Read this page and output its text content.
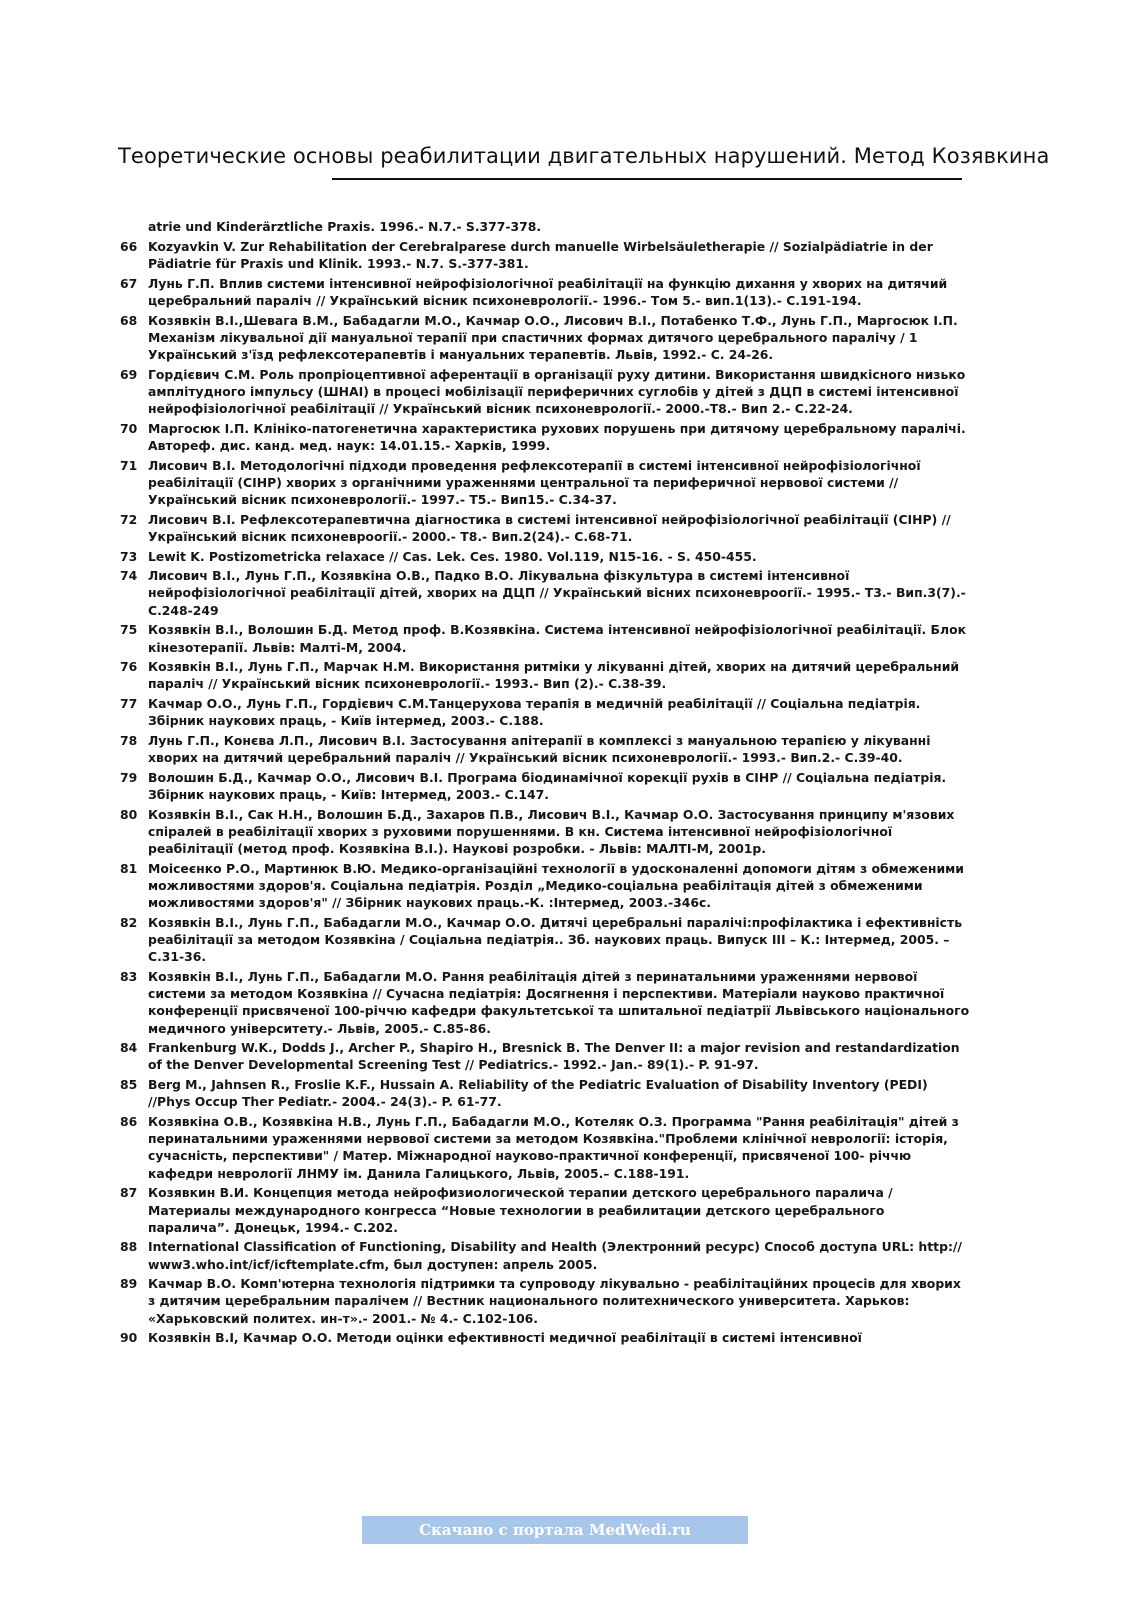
Теоретические основы реабилитации двигательных нарушений. Метод Козявкина
atrie und Kinderärztliche Praxis. 1996.- N.7.- S.377-378.
66 Kozyavkin V. Zur Rehabilitation der Cerebralparese durch manuelle Wirbelsäuletherapie // Sozialpädiatrie in der Pädiatrie für Praxis und Klinik. 1993.- N.7. S.-377-381.
67 Лунь Г.П. Вплив системи інтенсивної нейрофізіологічної реабілітації на функцію дихання у хворих на дитячий церебральний параліч // Український вісник психоневрології.- 1996.- Том 5.- вип.1(13).- С.191-194.
68 Козявкін В.І.,Шевага В.М., Бабадагли М.О., Качмар О.О., Лисович В.І., Потабенко Т.Ф., Лунь Г.П., Маргосюк І.П. Механізм лікувальної дії мануальної терапії при спастичних формах дитячого церебрального паралічу / 1 Український з'їзд рефлексотерапевтів і мануальних терапевтів. Львів, 1992.- С. 24-26.
69 Гордієвич С.М. Роль пропріоцептивної аферентації в організації руху дитини. Використання швидкісного низько амплітудного імпульсу (ШНАІ) в процесі мобілізації периферичних суглобів у дітей з ДЦП в системі інтенсивної нейрофізіологічної реабілітації // Український вісник психоневрології.- 2000.-Т8.- Вип 2.- С.22-24.
70 Маргосюк І.П. Клініко-патогенетична характеристика рухових порушень при дитячому церебральному паралічі. Автореф. дис. канд. мед. наук: 14.01.15.- Харків, 1999.
71 Лисович В.І. Методологічні підходи проведення рефлексотерапії в системі інтенсивної нейрофізіологічної реабілітації (СІНР) хворих з органічними ураженнями центральної та периферичної нервової системи // Український вісник психоневрології.- 1997.- Т5.- Вип15.- С.34-37.
72 Лисович В.І. Рефлексотерапевтична діагностика в системі інтенсивної нейрофізіологічної реабілітації (СІНР) // Український вісник психоневроогії.- 2000.- Т8.- Вип.2(24).- С.68-71.
73 Lewit K. Postizometricka relaxace // Cas. Lek. Ces. 1980. Vol.119, N15-16. - S. 450-455.
74 Лисович В.І., Лунь Г.П., Козявкіна О.В., Падко В.О. Лікувальна фізкультура в системі інтенсивної нейрофізіологічної реабілітації дітей, хворих на ДЦП // Український вісних психоневроогії.- 1995.- Т3.- Вип.3(7).- С.248-249
75 Козявкін В.І., Волошин Б.Д. Метод проф. В.Козявкіна. Система інтенсивної нейрофізіологічної реабілітації. Блок кінезотерапії. Львів: Малті-М, 2004.
76 Козявкін В.І., Лунь Г.П., Марчак Н.М. Використання ритміки у лікуванні дітей, хворих на дитячий церебральний параліч // Український вісник психоневрології.- 1993.- Вип (2).- С.38-39.
77 Качмар О.О., Лунь Г.П., Гордієвич С.М.Танцерухова терапія в медичній реабілітації // Соціальна педіатрія. Збірник наукових праць, - Київ інтермед, 2003.- С.188.
78 Лунь Г.П., Конєва Л.П., Лисович В.І. Застосування апітерапії в комплексі з мануальною терапією у лікуванні хворих на дитячий церебральний параліч // Український вісник психоневрології.- 1993.- Вип.2.- С.39-40.
79 Волошин Б.Д., Качмар О.О., Лисович В.І. Програма біодинамічної корекції рухів в СІНР // Соціальна педіатрія. Збірник наукових праць, - Київ: Інтермед, 2003.- С.147.
80 Козявкін В.І., Сак Н.Н., Волошин Б.Д., Захаров П.В., Лисович В.І., Качмар О.О. Застосування принципу м'язових спіралей в реабілітації хворих з руховими порушеннями. В кн. Система інтенсивної нейрофізіологічної реабілітації (метод проф. Козявкіна В.І.). Наукові розробки. - Львів: МАЛТІ-М, 2001р.
81 Моісеєнко Р.О., Мартинюк В.Ю. Медико-організаційні технології в удосконаленні допомоги дітям з обмеженими можливостями здоров'я. Соціальна педіатрія. Розділ „Медико-соціальна реабілітація дітей з обмеженими можливостями здоров'я" // Збірник наукових праць.-К. :Інтермед, 2003.-346с.
82 Козявкін В.І., Лунь Г.П., Бабадагли М.О., Качмар О.О. Дитячі церебральні паралічі:профілактика і ефективність реабілітації за методом Козявкіна / Соціальна педіатрія.. Зб. наукових праць. Випуск ІІІ – К.: Інтермед, 2005. – С.31-36.
83 Козявкін В.І., Лунь Г.П., Бабадагли М.О. Рання реабілітація дітей з перинатальними ураженнями нервової системи за методом Козявкіна // Сучасна педіатрія: Досягнення і перспективи. Матеріали науково практичної конференції присвяченої 100-річчю кафедри факультетської та шпитальної педіатрії Львівського національного медичного університету.- Львів, 2005.- С.85-86.
84 Frankenburg W.K., Dodds J., Archer P., Shapiro H., Bresnick B. The Denver II: a major revision and restandardization of the Denver Developmental Screening Test // Pediatrics.- 1992.- Jan.- 89(1).- P. 91-97.
85 Berg M., Jahnsen R., Froslie K.F., Hussain A. Reliability of the Pediatric Evaluation of Disability Inventory (PEDI) //Phys Occup Ther Pediatr.- 2004.- 24(3).- P. 61-77.
86 Козявкіна О.В., Козявкіна Н.В., Лунь Г.П., Бабадагли М.О., Котеляк О.З. Программа "Рання реабілітація" дітей з перинатальними ураженнями нервової системи за методом Козявкіна."Проблеми клінічної неврології: історія, сучасність, перспективи" / Матер. Міжнародної науково-практичної конференції, присвяченої 100- річчю кафедри неврології ЛНМУ ім. Данила Галицького, Львів, 2005.– С.188-191.
87 Козявкин В.И. Концепция метода нейрофизиологической терапии детского церебрального паралича / Материалы международного конгресса “Новые технологии в реабилитации детского церебрального паралича”. Донецьк, 1994.- С.202.
88 International Classification of Functioning, Disability and Health (Электронний ресурс) Способ доступа URL: http:// www3.who.int/icf/icftemplate.cfm, был доступен: апрель 2005.
89 Качмар В.О. Комп'ютерна технологія підтримки та супроводу лікувально - реабілітаційних процесів для хворих з дитячим церебральним паралічем // Вестник национального политехнического университета. Харьков: «Харьковский политех. ин-т».- 2001.- № 4.- С.102-106.
90 Козявкін В.І, Качмар О.О. Методи оцінки ефективності медичної реабілітації в системі інтенсивної
Скачано с портала MedWedi.ru
